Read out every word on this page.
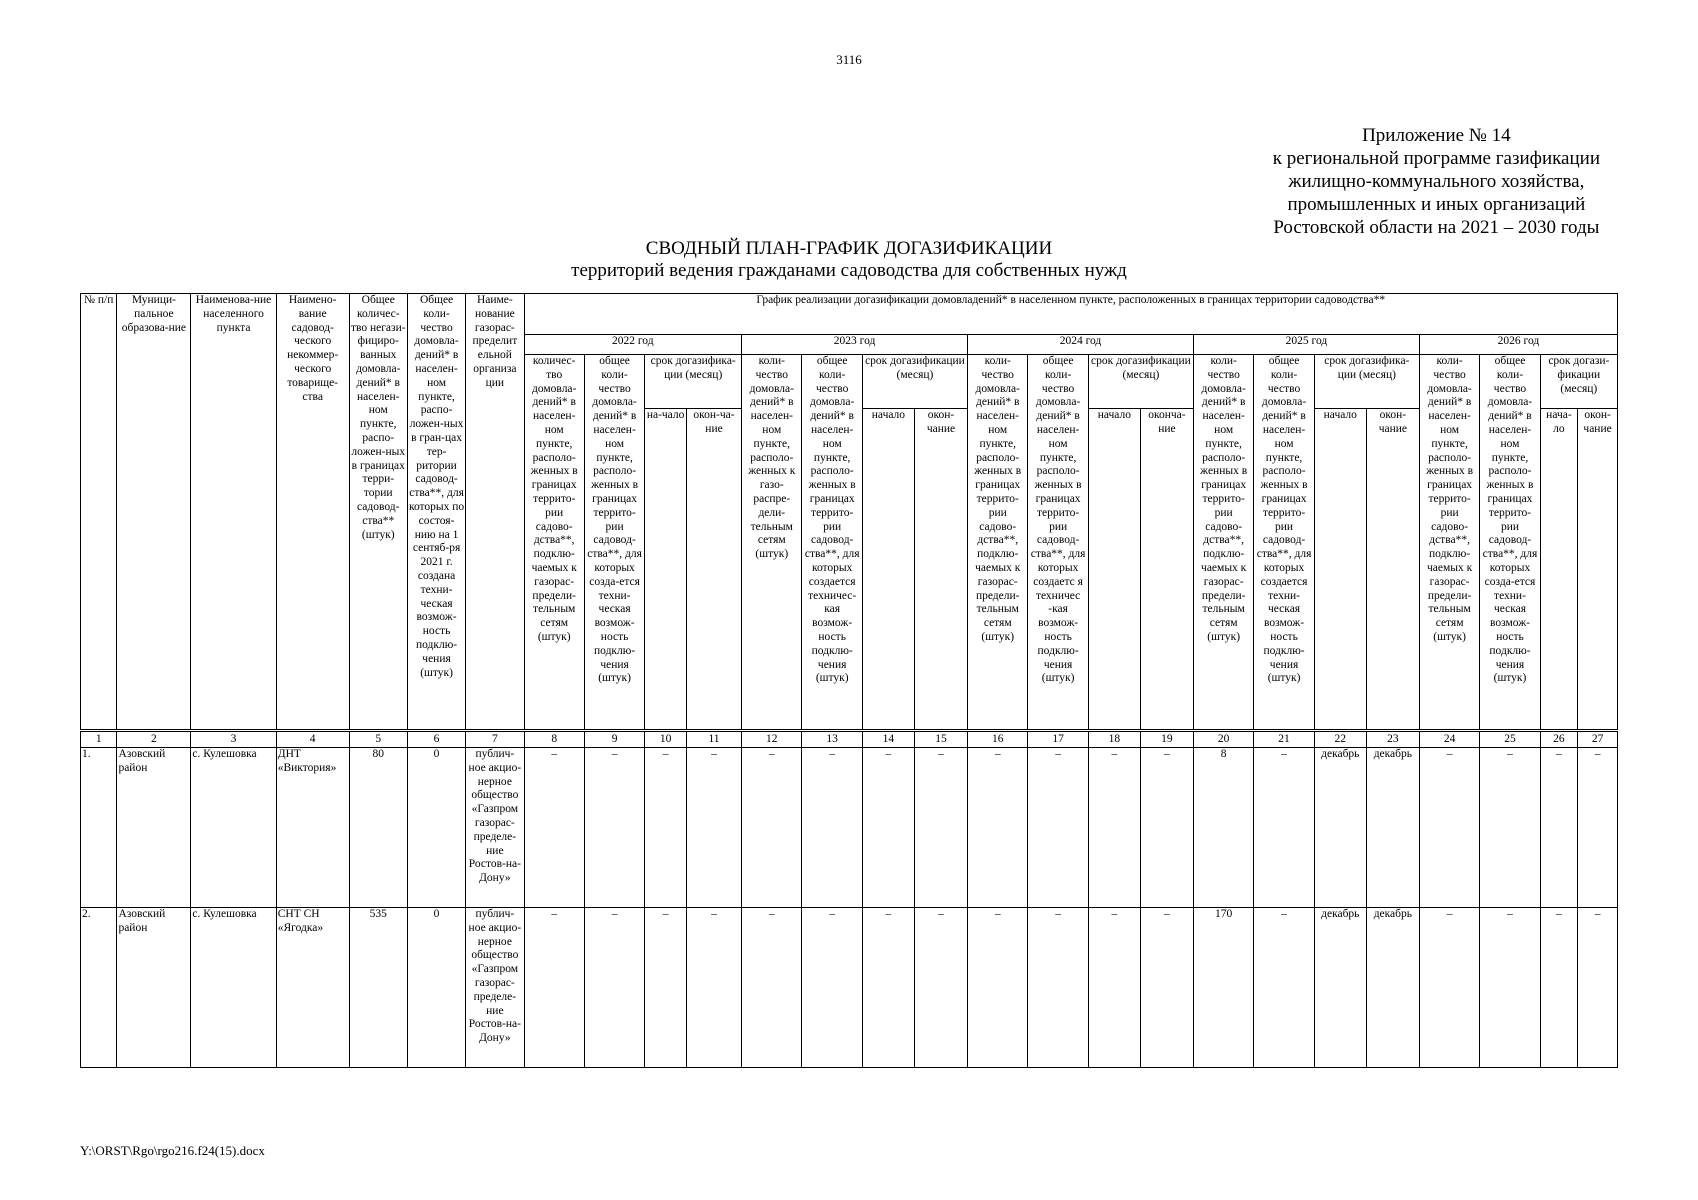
3116
Приложение № 14
к региональной программе газификации
жилищно-коммунального хозяйства,
промышленных и иных организаций
Ростовской области на 2021 – 2030 годы
СВОДНЫЙ ПЛАН-ГРАФИК ДОГАЗИФИКАЦИИ
территорий ведения гражданами садоводства для собственных нужд
№ п/п	Муници-пальное образова-ние	Наименова-ние населенного пункта	Наимено-вание садовод-ческого некоммер-ческого товарище-ства	Общее количес-тво негази-фициро-ванных домовла-дений* в населен-ном пункте, распо-ложен-ных в границах терри-тории садовод-ства** (штук)	Общее коли-чество домовла-дений* в населен-ном пункте, распо-ложен-ных в гран-цах тер-ритории садовод-ства**, для которых по состоя-нию на 1 сентяб-ря 2021 г. создана техни-ческая возмож-ность подклю-чения (штук)	Наиме-нование газорас-пределит ельной организа ции	График реализации догазификации домовладений* в населенном пункте, расположенных в границах территории садоводства**																			
							2022 год				2023 год				2024 год				2025 год				2026 год			
							количес-тво домовла-дений* в населен-ном пункте, располо-женных в границах террито-рии садово-дства**, подклю-чаемых к газорас-предели-тельным сетям (штук)	общее коли-чество домовла-дений* в населен-ном пункте, располо-женных в границах террито-рии садовод-ства**, для которых созда-ется техни-ческая возмож-ность подклю-чения (штук)	срок догазифика-ции (месяц)		коли-чество домовла-дений* в населен-ном пункте, располо-женных к газо-распре-дели-тельным сетям (штук)	общее коли-чество домовла-дений* в населен-ном пункте, располо-женных в границах террито-рии садовод-ства**, для которых создается техничес-кая возмож-ность подклю-чения (штук)	срок догазификации (месяц)		коли-чество домовла-дений* в населен-ном пункте, располо-женных в границах террито-рии садово-дства**, подклю-чаемых к газорас-предели-тельным сетям (штук)	общее коли-чество домовла-дений* в населен-ном пункте, располо-женных в границах террито-рии садовод-ства**, для которых создаетс я техничес -кая возмож-ность подклю-чения (штук)	срок догазификации (месяц)		коли-чество домовла-дений* в населен-ном пункте, располо-женных в границах террито-рии садово-дства**, подклю-чаемых к газорас-предели-тельным сетям (штук)	общее коли-чество домовла-дений* в населен-ном пункте, располо-женных в границах террито-рии садовод-ства**, для которых создается техни-ческая возмож-ность подклю-чения (штук)	срок догазифика-ции (месяц)		коли-чество домовла-дений* в населен-ном пункте, располо-женных в границах террито-рии садово-дства**, подклю-чаемых к газорас-предели-тельным сетям (штук)	общее коли-чество домовла-дений* в населен-ном пункте, располо-женных в границах террито-рии садовод-ства**, для которых созда-ется техни-ческая возмож-ность подклю-чения (штук)	срок догази-фикации (месяц)	
									на-чало	окон-ча-ние			начало	окон-чание			начало	оконча-ние			начало	окон-чание			нача-ло	окон-чание

1	2	3	4	5	6	7	8	9	10	11	12	13	14	15	16	17	18	19	20	21	22	23	24	25	26	27
1.	Азовский район	с. Кулешовка	ДНТ «Виктория»	80	0	публич-ное акцио-нерное общество «Газпром газорас-пределе-ние Ростов-на-Дону»	–	–	–	–	–	–	–	–	–	–	–	–	8	–	декабрь	декабрь	–	–	–	–
2.	Азовский район	с. Кулешовка	СНТ СН «Ягодка»	535	0	публич-ное акцио-нерное общество «Газпром газорас-пределе-ние Ростов-на-Дону»	–	–	–	–	–	–	–	–	–	–	–	–	170	–	декабрь	декабрь	–	–	–	–
Y:\ORST\Rgo\rgo216.f24(15).docx
